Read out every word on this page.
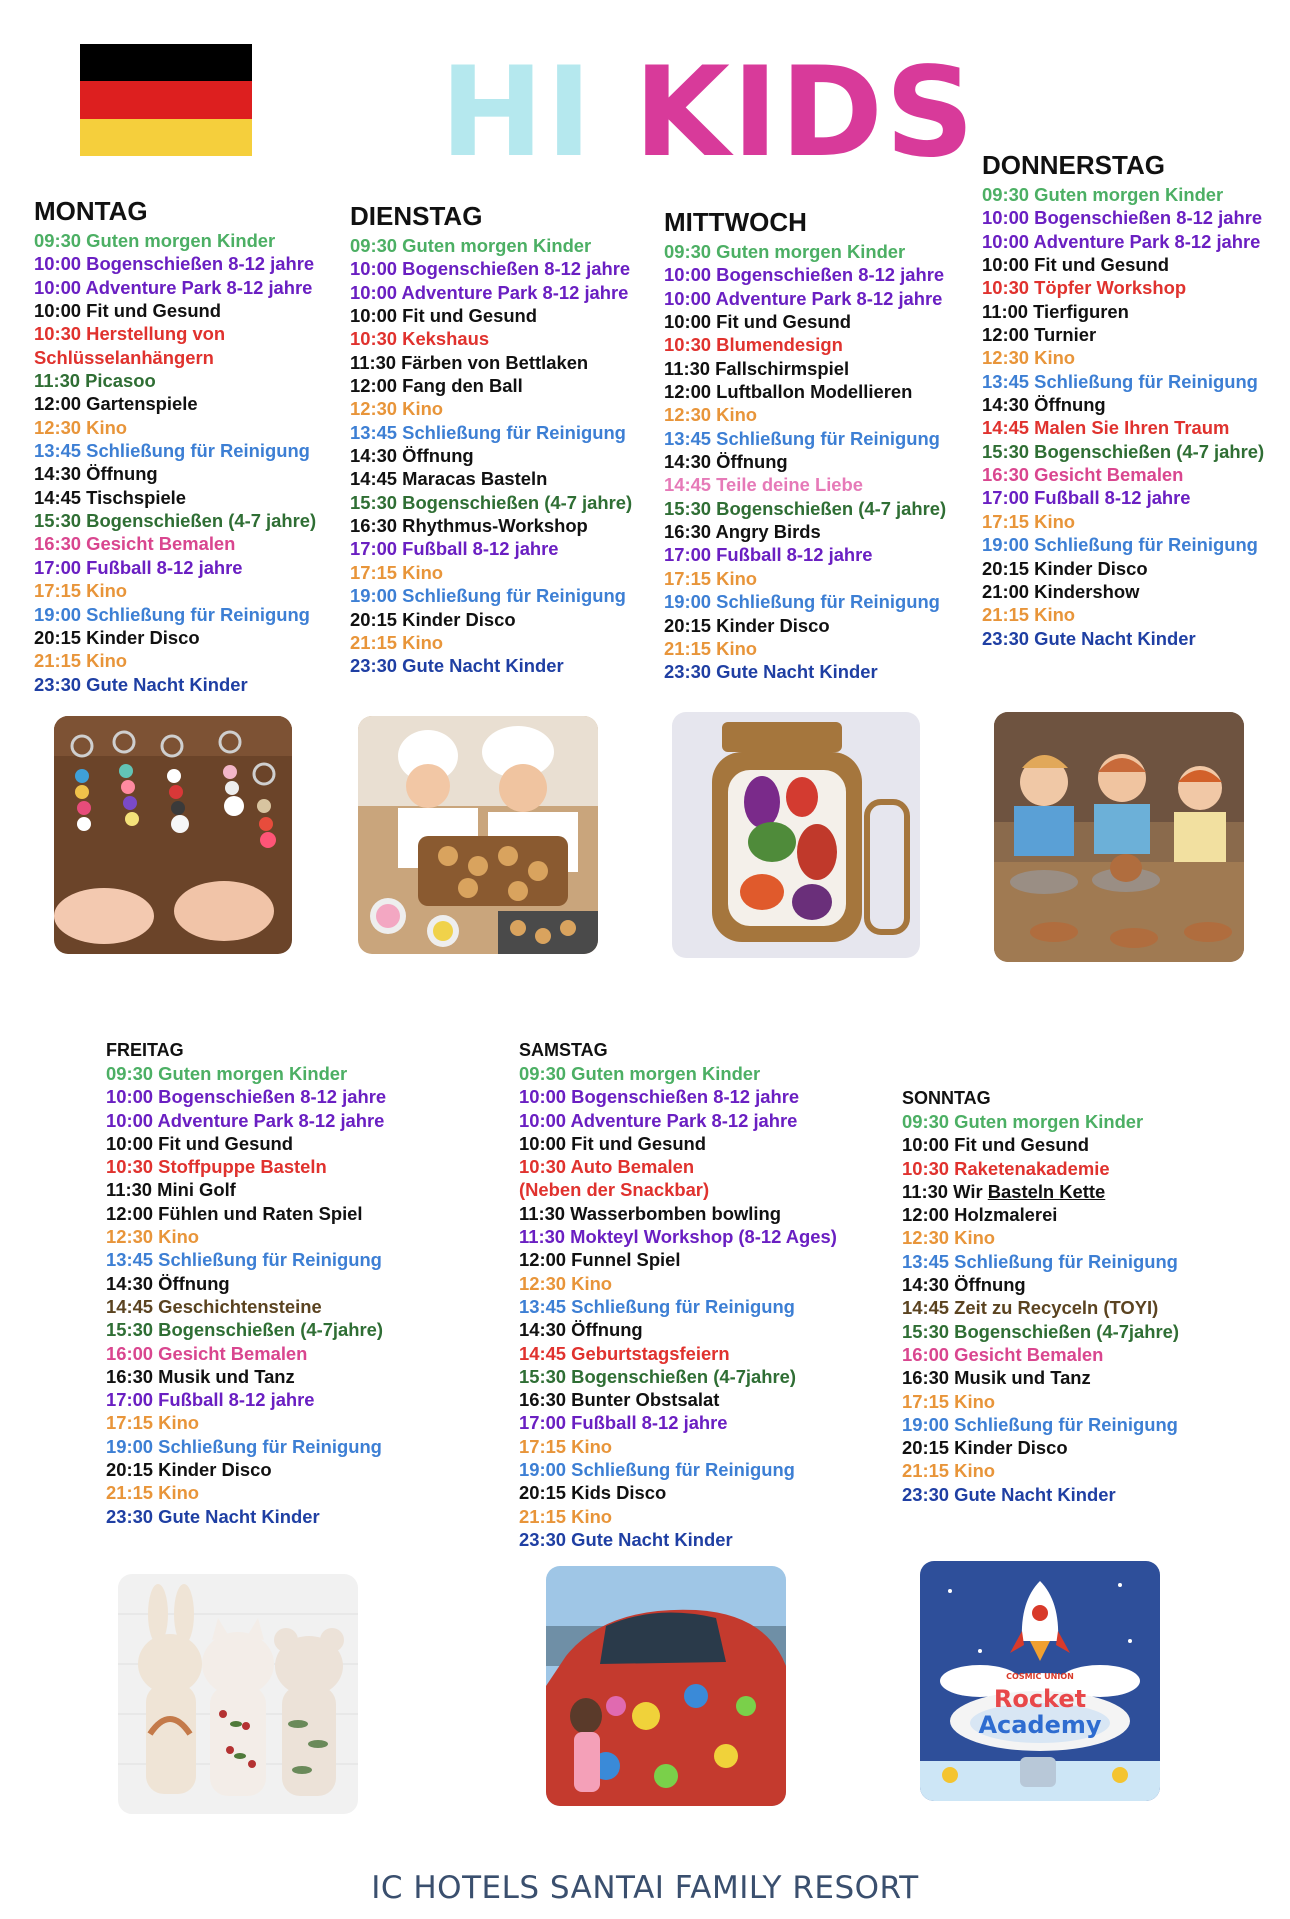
HI KIDS
MONTAG
09:30 Guten morgen Kinder
10:00 Bogenschießen 8-12 jahre
10:00 Adventure Park 8-12 jahre
10:00 Fit und Gesund
10:30 Herstellung von
Schlüsselanhängern
11:30 Picasoo
12:00 Gartenspiele
12:30 Kino
13:45 Schließung für Reinigung
14:30 Öffnung
14:45 Tischspiele
15:30 Bogenschießen (4-7 jahre)
16:30 Gesicht Bemalen
17:00 Fußball 8-12 jahre
17:15 Kino
19:00 Schließung für Reinigung
20:15 Kinder Disco
21:15 Kino
23:30 Gute Nacht Kinder
DIENSTAG
09:30 Guten morgen Kinder
10:00 Bogenschießen 8-12 jahre
10:00 Adventure Park 8-12 jahre
10:00 Fit und Gesund
10:30 Kekshaus
11:30 Färben von Bettlaken
12:00 Fang den Ball
12:30 Kino
13:45 Schließung für Reinigung
14:30 Öffnung
14:45 Maracas Basteln
15:30 Bogenschießen (4-7 jahre)
16:30 Rhythmus-Workshop
17:00 Fußball 8-12 jahre
17:15 Kino
19:00 Schließung für Reinigung
20:15 Kinder Disco
21:15 Kino
23:30 Gute Nacht Kinder
MITTWOCH
09:30 Guten morgen Kinder
10:00 Bogenschießen 8-12 jahre
10:00 Adventure Park 8-12 jahre
10:00 Fit und Gesund
10:30 Blumendesign
11:30 Fallschirmspiel
12:00 Luftballon Modellieren
12:30 Kino
13:45 Schließung für Reinigung
14:30 Öffnung
14:45 Teile deine Liebe
15:30 Bogenschießen (4-7 jahre)
16:30 Angry Birds
17:00 Fußball 8-12 jahre
17:15 Kino
19:00 Schließung für Reinigung
20:15 Kinder Disco
21:15 Kino
23:30 Gute Nacht Kinder
DONNERSTAG
09:30 Guten morgen Kinder
10:00 Bogenschießen 8-12 jahre
10:00 Adventure Park 8-12 jahre
10:00 Fit und Gesund
10:30 Töpfer Workshop
11:00 Tierfiguren
12:00 Turnier
12:30 Kino
13:45 Schließung für Reinigung
14:30 Öffnung
14:45 Malen Sie Ihren Traum
15:30 Bogenschießen (4-7 jahre)
16:30 Gesicht Bemalen
17:00 Fußball 8-12 jahre
17:15 Kino
19:00 Schließung für Reinigung
20:15 Kinder Disco
21:00 Kindershow
21:15 Kino
23:30 Gute Nacht Kinder
FREITAG
09:30 Guten morgen Kinder
10:00 Bogenschießen 8-12 jahre
10:00 Adventure Park 8-12 jahre
10:00 Fit und Gesund
10:30 Stoffpuppe Basteln
11:30 Mini Golf
12:00 Fühlen und Raten Spiel
12:30 Kino
13:45 Schließung für Reinigung
14:30 Öffnung
14:45 Geschichtensteine
15:30 Bogenschießen (4-7jahre)
16:00 Gesicht Bemalen
16:30 Musik und Tanz
17:00 Fußball 8-12 jahre
17:15 Kino
19:00 Schließung für Reinigung
20:15 Kinder Disco
21:15 Kino
23:30 Gute Nacht Kinder
SAMSTAG
09:30 Guten morgen Kinder
10:00 Bogenschießen 8-12 jahre
10:00 Adventure Park 8-12 jahre
10:00 Fit und Gesund
10:30 Auto Bemalen
(Neben der Snackbar)
11:30 Wasserbomben bowling
11:30 Mokteyl Workshop (8-12 Ages)
12:00 Funnel Spiel
12:30 Kino
13:45 Schließung für Reinigung
14:30 Öffnung
14:45 Geburtstagsfeiern
15:30 Bogenschießen (4-7jahre)
16:30 Bunter Obstsalat
17:00 Fußball 8-12 jahre
17:15 Kino
19:00 Schließung für Reinigung
20:15 Kids Disco
21:15 Kino
23:30 Gute Nacht Kinder
SONNTAG
09:30 Guten morgen Kinder
10:00 Fit und Gesund
10:30 Raketenakademie
11:30 Wir Basteln Kette
12:00 Holzmalerei
12:30 Kino
13:45 Schließung für Reinigung
14:30 Öffnung
14:45 Zeit zu Recyceln (TOYI)
15:30 Bogenschießen (4-7jahre)
16:00 Gesicht Bemalen
16:30 Musik und Tanz
17:15 Kino
19:00 Schließung für Reinigung
20:15 Kinder Disco
21:15 Kino
23:30 Gute Nacht Kinder
COSMIC UNION
Rocket
Academy
IC HOTELS SANTAI FAMILY RESORT
